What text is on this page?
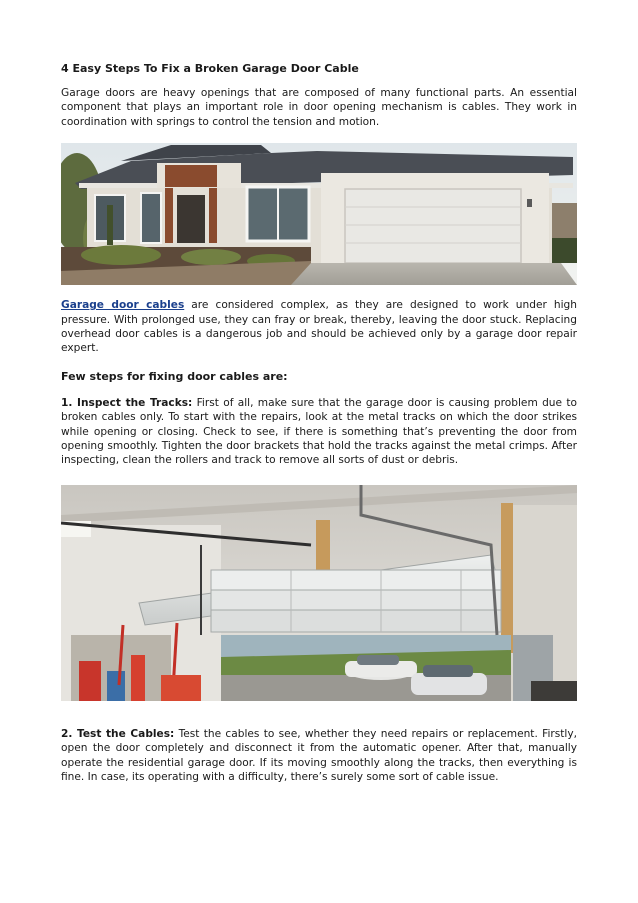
4 Easy Steps To Fix a Broken Garage Door Cable

Garage doors are heavy openings that are composed of many functional parts. An essential component that plays an important role in door opening mechanism is cables. They work in coordination with springs to control the tension and motion.

Garage door cables are considered complex, as they are designed to work under high pressure. With prolonged use, they can fray or break, thereby, leaving the door stuck. Replacing overhead door cables is a dangerous job and should be achieved only by a garage door repair expert.

Few steps for fixing door cables are:

1. Inspect the Tracks: First of all, make sure that the garage door is causing problem due to broken cables only. To start with the repairs, look at the metal tracks on which the door strikes while opening or closing. Check to see, if there is something that’s preventing the door from opening smoothly. Tighten the door brackets that hold the tracks against the metal crimps. After inspecting, clean the rollers and track to remove all sorts of dust or debris.

2. Test the Cables: Test the cables to see, whether they need repairs or replacement. Firstly, open the door completely and disconnect it from the automatic opener. After that, manually operate the residential garage door. If its moving smoothly along the tracks, then everything is fine. In case, its operating with a difficulty, there’s surely some sort of cable issue.
